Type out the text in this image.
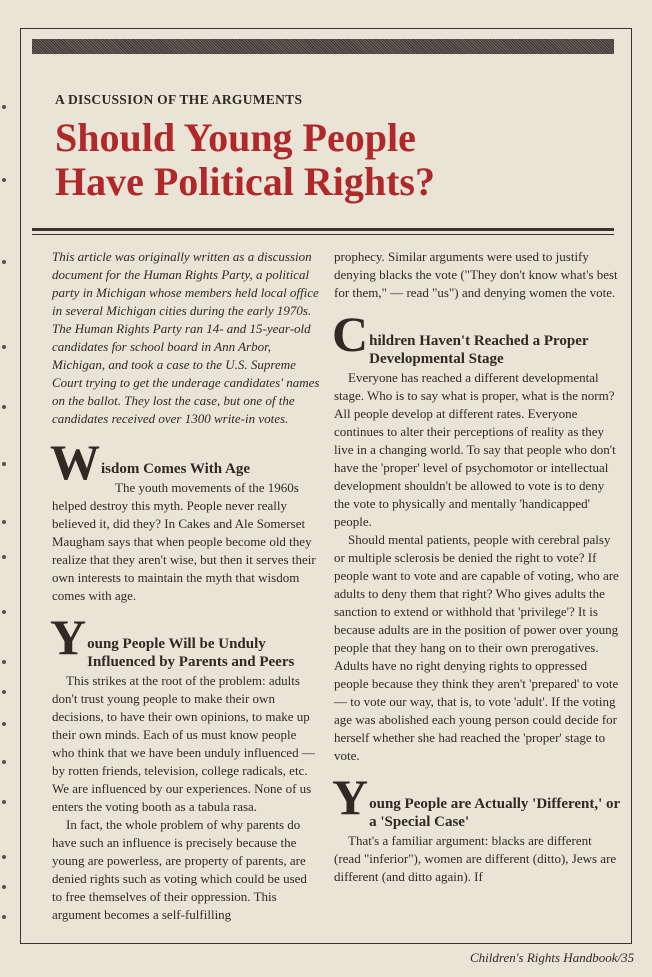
A DISCUSSION OF THE ARGUMENTS
Should Young People
Have Political Rights?

This article was originally written as a discussion document for the Human Rights Party, a political party in Michigan whose members held local office in several Michigan cities during the early 1970s. The Human Rights Party ran 14- and 15-year-old candidates for school board in Ann Arbor, Michigan, and took a case to the U.S. Supreme Court trying to get the underage candidates' names on the ballot. They lost the case, but one of the candidates received over 1300 write-in votes.

W isdom Comes With Age

The youth movements of the 1960s helped destroy this myth. People never really believed it, did they? In Cakes and Ale Somerset Maugham says that when people become old they realize that they aren't wise, but then it serves their own interests to maintain the myth that wisdom comes with age.

Y oung People Will be Unduly Influenced by Parents and Peers

This strikes at the root of the problem: adults don't trust young people to make their own decisions, to have their own opinions, to make up their own minds. Each of us must know people who think that we have been unduly influenced — by rotten friends, television, college radicals, etc. We are influenced by our experiences. None of us enters the voting booth as a tabula rasa.

In fact, the whole problem of why parents do have such an influence is precisely because the young are powerless, are property of parents, are denied rights such as voting which could be used to free themselves of their oppression. This argument becomes a self-fulfilling

prophecy. Similar arguments were used to justify denying blacks the vote ("They don't know what's best for them," — read "us") and denying women the vote.

C hildren Haven't Reached a Proper Developmental Stage

Everyone has reached a different developmental stage. Who is to say what is proper, what is the norm? All people develop at different rates. Everyone continues to alter their perceptions of reality as they live in a changing world. To say that people who don't have the 'proper' level of psychomotor or intellectual development shouldn't be allowed to vote is to deny the vote to physically and mentally 'handicapped' people.

Should mental patients, people with cerebral palsy or multiple sclerosis be denied the right to vote? If people want to vote and are capable of voting, who are adults to deny them that right? Who gives adults the sanction to extend or withhold that 'privilege'? It is because adults are in the position of power over young people that they hang on to their own prerogatives. Adults have no right denying rights to oppressed people because they think they aren't 'prepared' to vote — to vote our way, that is, to vote 'adult'. If the voting age was abolished each young person could decide for herself whether she had reached the 'proper' stage to vote.

Y oung People are Actually 'Different,' or a 'Special Case'

That's a familiar argument: blacks are different (read "inferior"), women are different (ditto), Jews are different (and ditto again). If

Children's Rights Handbook/35
